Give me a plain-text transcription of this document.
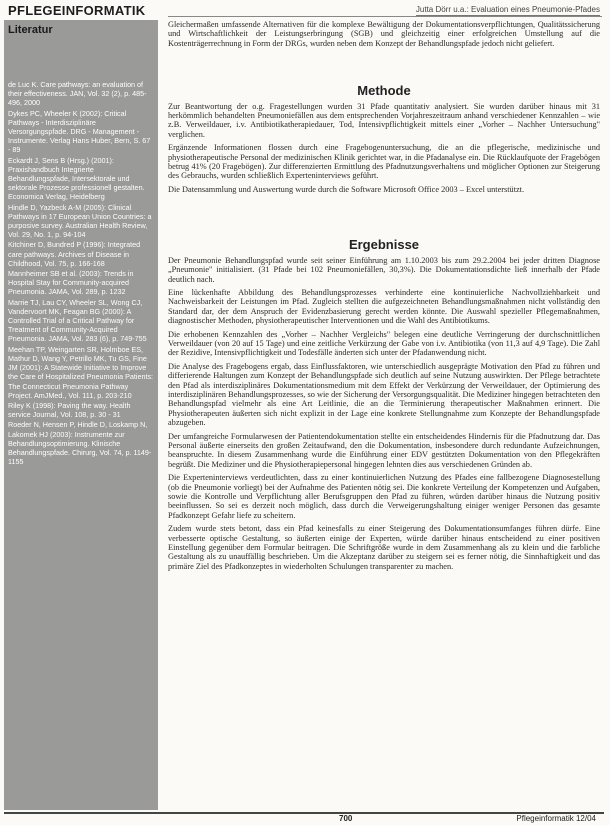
PFLEGEINFORMATIK	Jutta Dörr u.a.: Evaluation eines Pneumonie-Pfades
Literatur

de Luc K. Care pathways: an evaluation of their effectiveness. JAN, Vol. 32 (2), p. 485-496, 2000

Dykes PC, Wheeler K (2002): Critical Pathways - Interdisziplinäre Versorgungspfade. DRG - Management - Instrumente. Verlag Hans Huber, Bern, S. 67 - 89

Eckardt J, Sens B (Hrsg.) (2001): Praxishandbuch Integrierte Behandlungspfade, Intersektorale und sektorale Prozesse professionell gestalten. Economica Verlag, Heidelberg

Hindle D, Yazbeck A-M (2005): Clinical Pathways in 17 European Union Countries: a purposive survey. Australian Health Review, Vol. 29, No. 1, p. 94-104

Kitchiner D, Bundred P (1996): Integrated care pathways. Archives of Disease in Childhood, Vol. 75, p. 166-168

Mannheimer SB et al. (2003): Trends in Hospital Stay for Community-acquired Pneumonia. JAMA, Vol. 289, p. 1232

Marrie TJ, Lau CY, Wheeler SL, Wong CJ, Vandervoort MK, Feagan BG (2000): A Controlled Trial of a Critical Pathway for Treatment of Community-Acquired Pneumonia. JAMA, Vol. 283 (6), p. 749-755

Meehan TP, Weingarten SR, Holmboe ES, Mathur D, Wang Y, Petrillo MK, Tu GS, Fine JM (2001): A Statewide Initiative to Improve the Care of Hospitalized Pneumonia Patients: The Connecticut Pneumonia Pathway Project. AmJMed., Vol. 111, p. 203-210

Riley K (1998): Paving the way. Health service Journal, Vol. 108, p. 30 - 31

Roeder N, Hensen P, Hindle D, Loskamp N, Lakomek HJ (2003): Instrumente zur Behandlungsoptimierung. Klinische Behandlungspfade. Chirurg, Vol. 74, p. 1149-1155

Gleichermaßen umfassende Alternativen für die komplexe Bewältigung der Dokumentationsverpflichtungen, Qualitätssicherung und Wirtschaftlichkeit der Leistungserbringung (SGB) und gleichzeitig einer erfolgreichen Umstellung auf die Kostenträgerrechnung in Form der DRGs, wurden neben dem Konzept der Behandlungspfade jedoch nicht geliefert.

Methode

Zur Beantwortung der o.g. Fragestellungen wurden 31 Pfade quantitativ analysiert. Sie wurden darüber hinaus mit 31 herkömmlich behandelten Pneumoniefällen aus dem entsprechenden Vorjahreszeitraum anhand verschiedener Kennzahlen – wie z.B. Verweildauer, i.v. Antibiotikatherapiedauer, Tod, Intensivpflichtigkeit mittels einer „Vorher – Nachher Untersuchung" verglichen.

Ergänzende Informationen flossen durch eine Fragebogenuntersuchung, die an die pflegerische, medizinische und physiotherapeutische Personal der medizinischen Klinik gerichtet war, in die Pfadanalyse ein. Die Rücklaufquote der Fragebögen betrug 41% (20 Fragebögen). Zur differenzierten Ermittlung des Pfadnutzungsverhaltens und möglicher Optionen zur Steigerung des Gebrauchs, wurden schließlich Experteninterviews geführt.

Die Datensammlung und Auswertung wurde durch die Software Microsoft Office 2003 – Excel unterstützt.

Ergebnisse

Der Pneumonie Behandlungspfad wurde seit seiner Einführung am 1.10.2003 bis zum 29.2.2004 bei jeder dritten Diagnose „Pneumonie" initialisiert. (31 Pfade bei 102 Pneumoniefällen, 30,3%). Die Dokumentationsdichte ließ innerhalb der Pfade deutlich nach.

Eine lückenhafte Abbildung des Behandlungsprozesses verhinderte eine kontinuierliche Nachvollziehbarkeit und Nachweisbarkeit der Leistungen im Pfad. Zugleich stellten die aufgezeichneten Behandlungsmaßnahmen nicht vollständig den Standard dar, der dem Anspruch der Evidenzbasierung gerecht werden könnte. Die Auswahl spezieller Pflegemaßnahmen, diagnostischer Methoden, physiotherapeutischer Interventionen und die Wahl des Antibiotikums.

Die erhobenen Kennzahlen des „Vorher – Nachher Vergleichs" belegen eine deutliche Verringerung der durchschnittlichen Verweildauer (von 20 auf 15 Tage) und eine zeitliche Verkürzung der Gabe von i.v. Antibiotika (von 11,3 auf 4,9 Tage). Die Zahl der Rezidive, Intensivpflichtigkeit und Todesfälle änderten sich unter der Pfadanwendung nicht.

Die Analyse des Fragebogens ergab, dass Einflussfaktoren, wie unterschiedlich ausgeprägte Motivation den Pfad zu führen und differierende Haltungen zum Konzept der Behandlungspfade sich deutlich auf seine Nutzung auswirkten. Der Pflege betrachtete den Pfad als interdisziplinäres Dokumentationsmedium mit dem Effekt der Verkürzung der Verweildauer, der Optimierung des interdisziplinären Behandlungsprozesses, so wie der Sicherung der Versorgungsqualität. Die Mediziner hingegen betrachteten den Behandlungspfad vielmehr als eine Art Leitlinie, die an die Terminierung therapeutischer Maßnahmen erinnert. Die Physiotherapeuten äußerten sich nicht explizit in der Lage eine konkrete Stellungnahme zum Konzepte der Behandlungspfade abzugeben.

Der umfangreiche Formularwesen der Patientendokumentation stellte ein entscheidendes Hindernis für die Pfadnutzung dar. Das Personal äußerte einerseits den großen Zeitaufwand, den die Dokumentation, insbesondere durch redundante Aufzeichnungen, beanspruchte. In diesem Zusammenhang wurde die Einführung einer EDV gestützten Dokumentation von den Pflegekräften begrüßt. Die Mediziner und die Physiotherapiepersonal hingegen lehnten dies aus verschiedenen Gründen ab.

Die Experteninterviews verdeutlichten, dass zu einer kontinuierlichen Nutzung des Pfades eine fallbezogene Diagnosestellung (ob die Pneumonie vorliegt) bei der Aufnahme des Patienten nötig sei. Die konkrete Verteilung der Kompetenzen und Aufgaben, sowie die Kontrolle und Verpflichtung aller Berufsgruppen den Pfad zu führen, würden darüber hinaus die Nutzung positiv beeinflussen. So sei es derzeit noch möglich, dass durch die Verweigerungshaltung einiger weniger Personen das gesamte Pfadkonzept Gefahr liefe zu scheitern.

Zudem wurde stets betont, dass ein Pfad keinesfalls zu einer Steigerung des Dokumentationsumfanges führen dürfe. Eine verbesserte optische Gestaltung, so äußerten einige der Experten, würde darüber hinaus entscheidend zu einer positiven Einstellung gegenüber dem Formular beitragen. Die Schriftgröße wurde in dem Zusammenhang als zu klein und die farbliche Gestaltung als zu unauffällig beschrieben. Um die Akzeptanz darüber zu steigern sei es ferner nötig, die Sinnhaftigkeit und das primäre Ziel des Pfadkonzeptes in wiederholten Schulungen transparenter zu machen.

700	Pflegeinformatik 12/04
